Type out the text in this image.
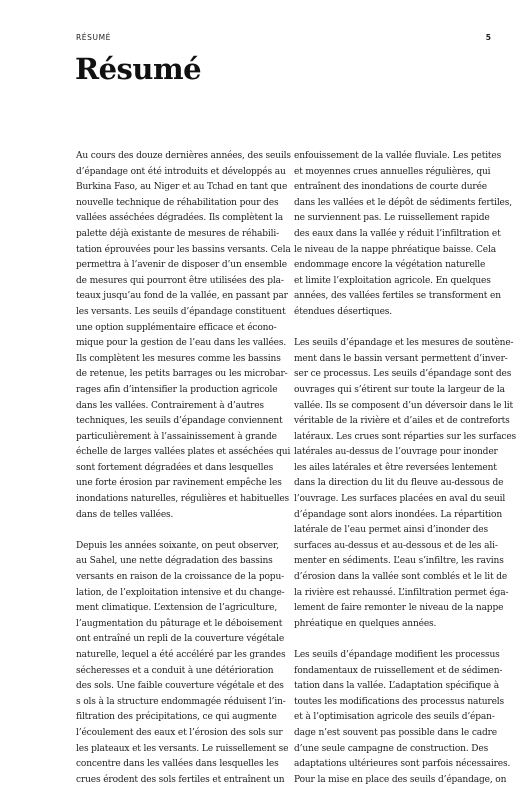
RÉSUMÉ	5
Résumé

Au cours des douze dernières années, des seuils
d’épandage ont été introduits et développés au
Burkina Faso, au Niger et au Tchad en tant que
nouvelle technique de réhabilitation pour des
vallées asséchées dégradées. Ils complètent la
palette déjà existante de mesures de réhabili-
tation éprouvées pour les bassins versants. Cela
permettra à l’avenir de disposer d’un ensemble
de mesures qui pourront être utilisées des pla-
teaux jusqu’au fond de la vallée, en passant par
les versants. Les seuils d’épandage constituent
une option supplémentaire efficace et écono-
mique pour la gestion de l’eau dans les vallées.
Ils complètent les mesures comme les bassins
de retenue, les petits barrages ou les microbar-
rages afin d’intensifier la production agricole
dans les vallées. Contrairement à d’autres
techniques, les seuils d’épandage conviennent
particulièrement à l’assainissement à grande
échelle de larges vallées plates et asséchées qui
sont fortement dégradées et dans lesquelles
une forte érosion par ravinement empêche les
inondations naturelles, régulières et habituelles
dans de telles vallées.

Depuis les années soixante, on peut observer,
au Sahel, une nette dégradation des bassins
versants en raison de la croissance de la popu-
lation, de l’exploitation intensive et du change-
ment climatique. L’extension de l’agriculture,
l’augmentation du pâturage et le déboisement
ont entraîné un repli de la couverture végétale
naturelle, lequel a été accéléré par les grandes
sécheresses et a conduit à une détérioration
des sols. Une faible couverture végétale et des
s ols à la structure endommagée réduisent l’in-
filtration des précipitations, ce qui augmente
l’écoulement des eaux et l’érosion des sols sur
les plateaux et les versants. Le ruissellement se
concentre dans les vallées dans lesquelles les
crues érodent des sols fertiles et entraînent un

enfouissement de la vallée fluviale. Les petites
et moyennes crues annuelles régulières, qui
entraînent des inondations de courte durée
dans les vallées et le dépôt de sédiments fertiles,
ne surviennent pas. Le ruissellement rapide
des eaux dans la vallée y réduit l’infiltration et
le niveau de la nappe phréatique baisse. Cela
endommage encore la végétation naturelle
et limite l’exploitation agricole. En quelques
années, des vallées fertiles se transforment en
étendues désertiques.

Les seuils d’épandage et les mesures de soutène-
ment dans le bassin versant permettent d’inver-
ser ce processus. Les seuils d’épandage sont des
ouvrages qui s’étirent sur toute la largeur de la
vallée. Ils se composent d’un déversoir dans le lit
véritable de la rivière et d’ailes et de contreforts
latéraux. Les crues sont réparties sur les surfaces
latérales au-dessus de l’ouvrage pour inonder
les ailes latérales et être reversées lentement
dans la direction du lit du fleuve au-dessous de
l’ouvrage. Les surfaces placées en aval du seuil
d’épandage sont alors inondées. La répartition
latérale de l’eau permet ainsi d’inonder des
surfaces au-dessus et au-dessous et de les ali-
menter en sédiments. L’eau s’infiltre, les ravins
d’érosion dans la vallée sont comblés et le lit de
la rivière est rehaussé. L’infiltration permet éga-
lement de faire remonter le niveau de la nappe
phréatique en quelques années.

Les seuils d’épandage modifient les processus
fondamentaux de ruissellement et de sédimen-
tation dans la vallée. L’adaptation spécifique à
toutes les modifications des processus naturels
et à l’optimisation agricole des seuils d’épan-
dage n’est souvent pas possible dans le cadre
d’une seule campagne de construction. Des
adaptations ultérieures sont parfois nécessaires.
Pour la mise en place des seuils d’épandage, on
